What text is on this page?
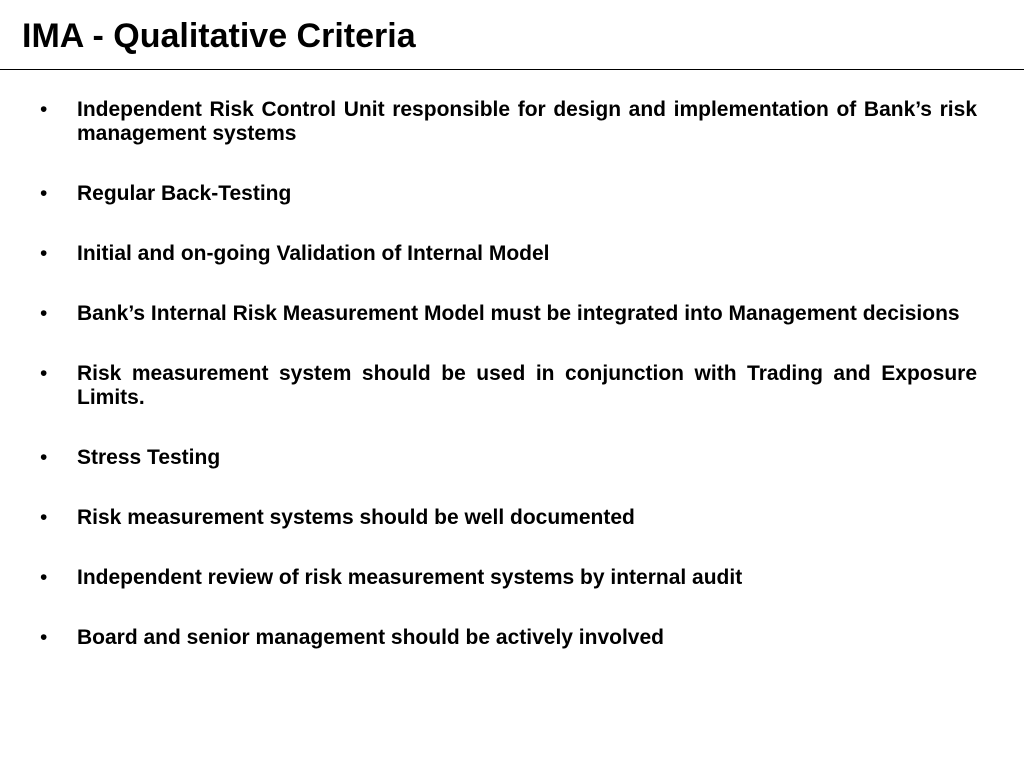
IMA - Qualitative Criteria
• Independent Risk Control Unit responsible for design and implementation of Bank’s risk management systems
• Regular Back-Testing
• Initial and on-going Validation of Internal Model
• Bank’s Internal Risk Measurement Model must be integrated into Management decisions
• Risk measurement system should be used in conjunction with Trading and Exposure Limits.
• Stress Testing
• Risk measurement systems should be well documented
• Independent review of risk measurement systems by internal audit
• Board and senior management should be actively involved
